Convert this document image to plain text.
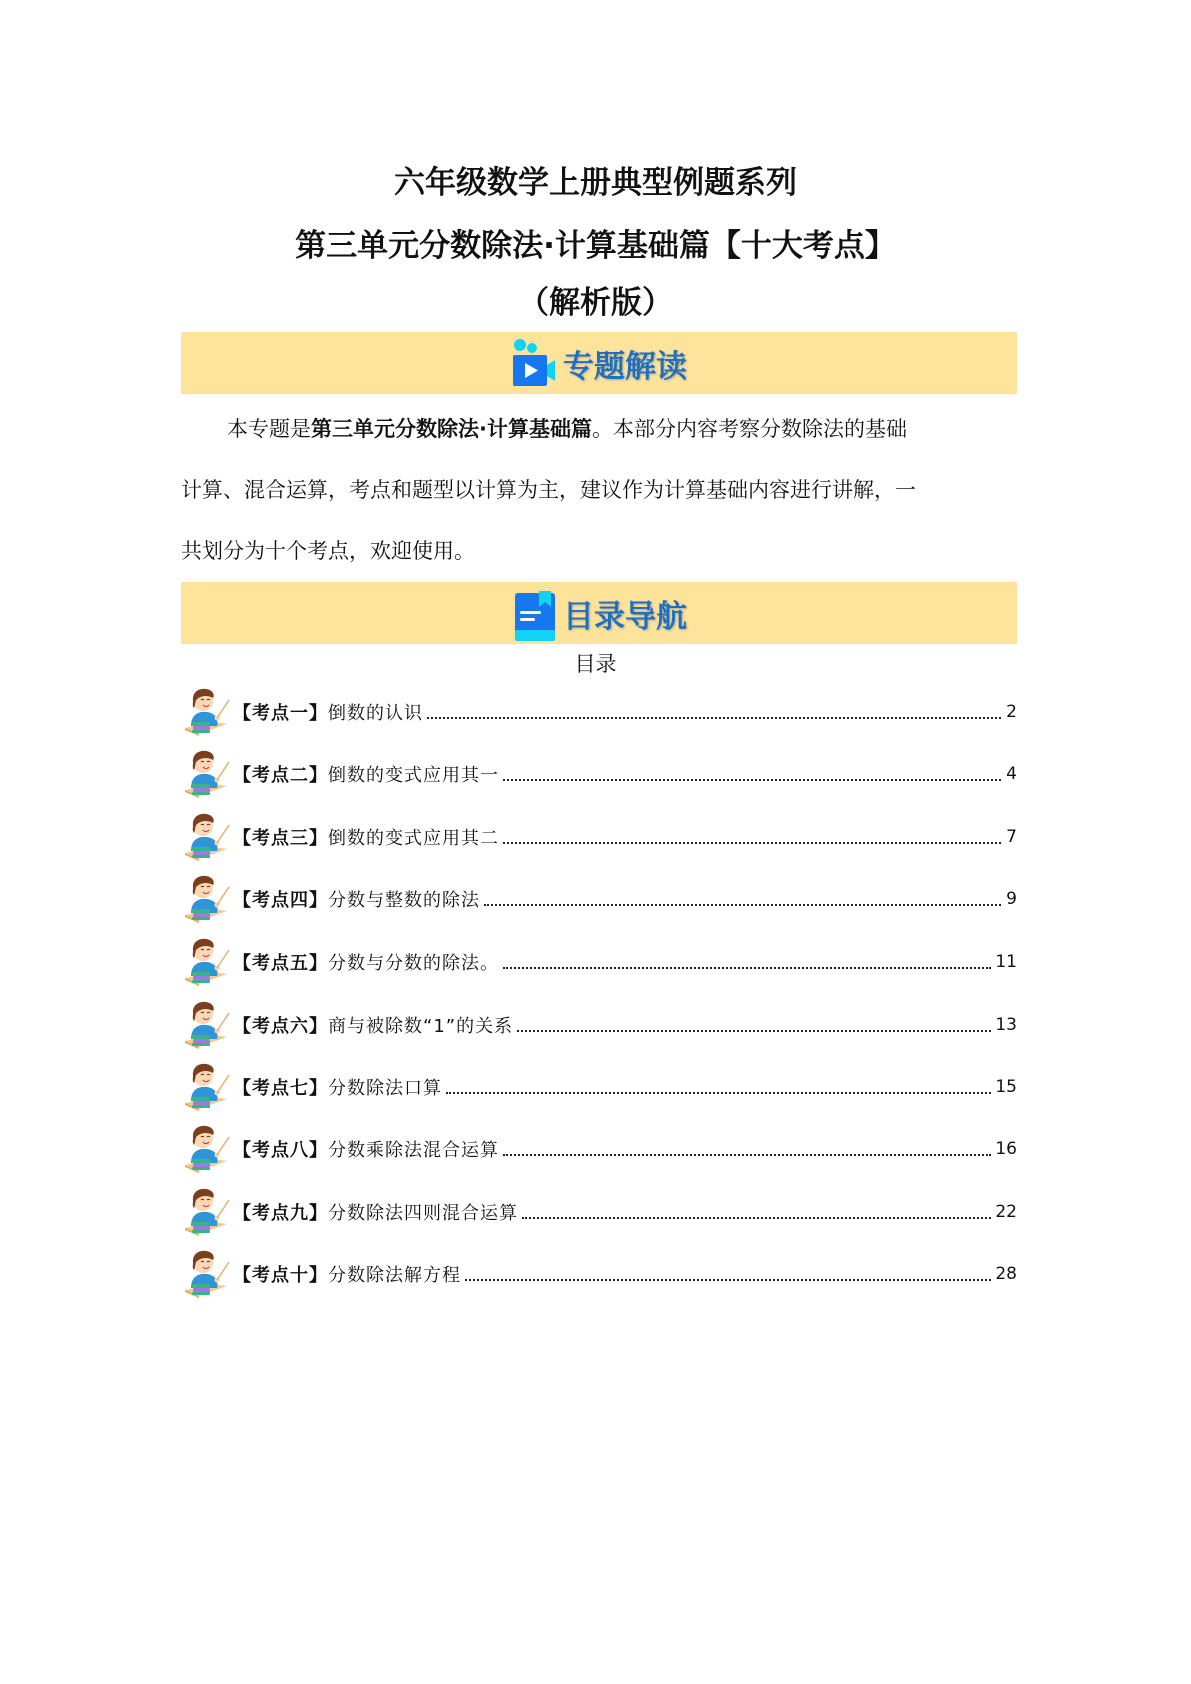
六年级数学上册典型例题系列
第三单元分数除法·计算基础篇【十大考点】
（解析版）
专题解读
本专题是第三单元分数除法·计算基础篇。本部分内容考察分数除法的基础
计算、混合运算，考点和题型以计算为主，建议作为计算基础内容进行讲解，一
共划分为十个考点，欢迎使用。
目录导航
目录
【考点一】倒数的认识	2
【考点二】倒数的变式应用其一	4
【考点三】倒数的变式应用其二	7
【考点四】分数与整数的除法	9
【考点五】分数与分数的除法。	11
【考点六】商与被除数“1”的关系	13
【考点七】分数除法口算	15
【考点八】分数乘除法混合运算	16
【考点九】分数除法四则混合运算	22
【考点十】分数除法解方程	28
